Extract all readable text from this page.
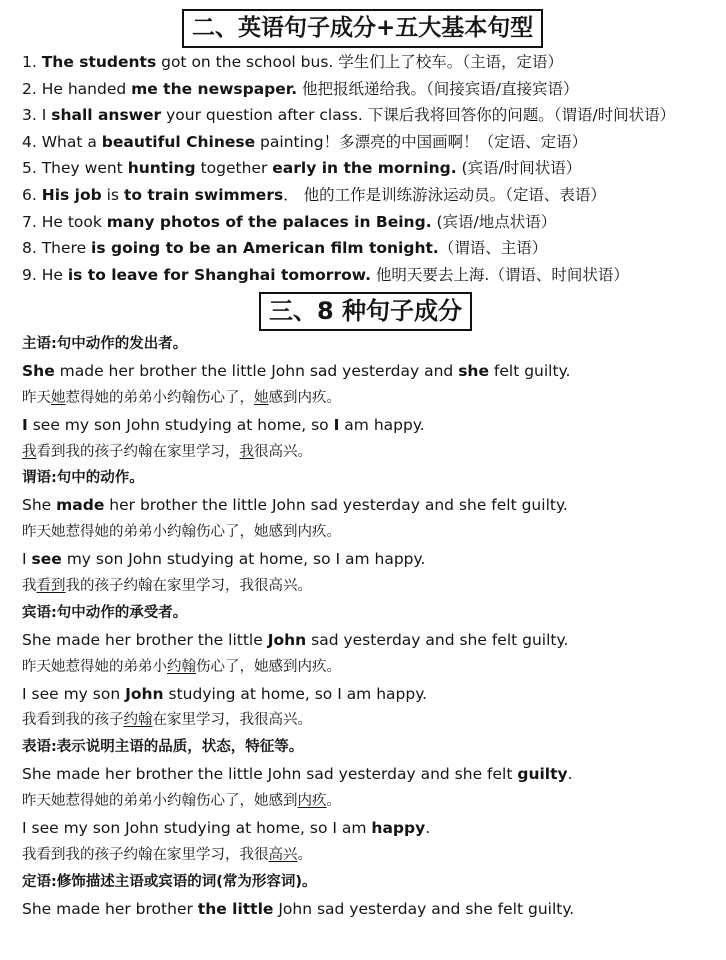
二、英语句子成分+五大基本句型
1. The students got on the school bus. 学生们上了校车。（主语，定语）
2. He handed me the newspaper. 他把报纸递给我。（间接宾语/直接宾语）
3. I shall answer your question after class. 下课后我将回答你的问题。（谓语/时间状语）
4. What a beautiful Chinese painting！多漂亮的中国画啊！（定语、定语）
5. They went hunting together early in the morning. (宾语/时间状语）
6. His job is to train swimmers． 他的工作是训练游泳运动员。（定语、表语）
7. He took many photos of the palaces in Being. (宾语/地点状语）
8. There is going to be an American film tonight.（谓语、主语）
9. He is to leave for Shanghai tomorrow. 他明天要去上海.（谓语、时间状语）
三、8 种句子成分
主语:句中动作的发出者。
She made her brother the little John sad yesterday and she felt guilty.
昨天她惹得她的弟弟小约翰伤心了，她感到内疚。
I see my son John studying at home, so I am happy.
我看到我的孩子约翰在家里学习，我很高兴。
谓语:句中的动作。
She made her brother the little John sad yesterday and she felt guilty.
昨天她惹得她的弟弟小约翰伤心了，她感到内疚。
I see my son John studying at home, so I am happy.
我看到我的孩子约翰在家里学习，我很高兴。
宾语:句中动作的承受者。
She made her brother the little John sad yesterday and she felt guilty.
昨天她惹得她的弟弟小约翰伤心了，她感到内疚。
I see my son John studying at home, so I am happy.
我看到我的孩子约翰在家里学习，我很高兴。
表语:表示说明主语的品质，状态，特征等。
She made her brother the little John sad yesterday and she felt guilty.
昨天她惹得她的弟弟小约翰伤心了，她感到内疚。
I see my son John studying at home, so I am happy.
我看到我的孩子约翰在家里学习，我很高兴。
定语:修饰描述主语或宾语的词(常为形容词)。
She made her brother the little John sad yesterday and she felt guilty.
